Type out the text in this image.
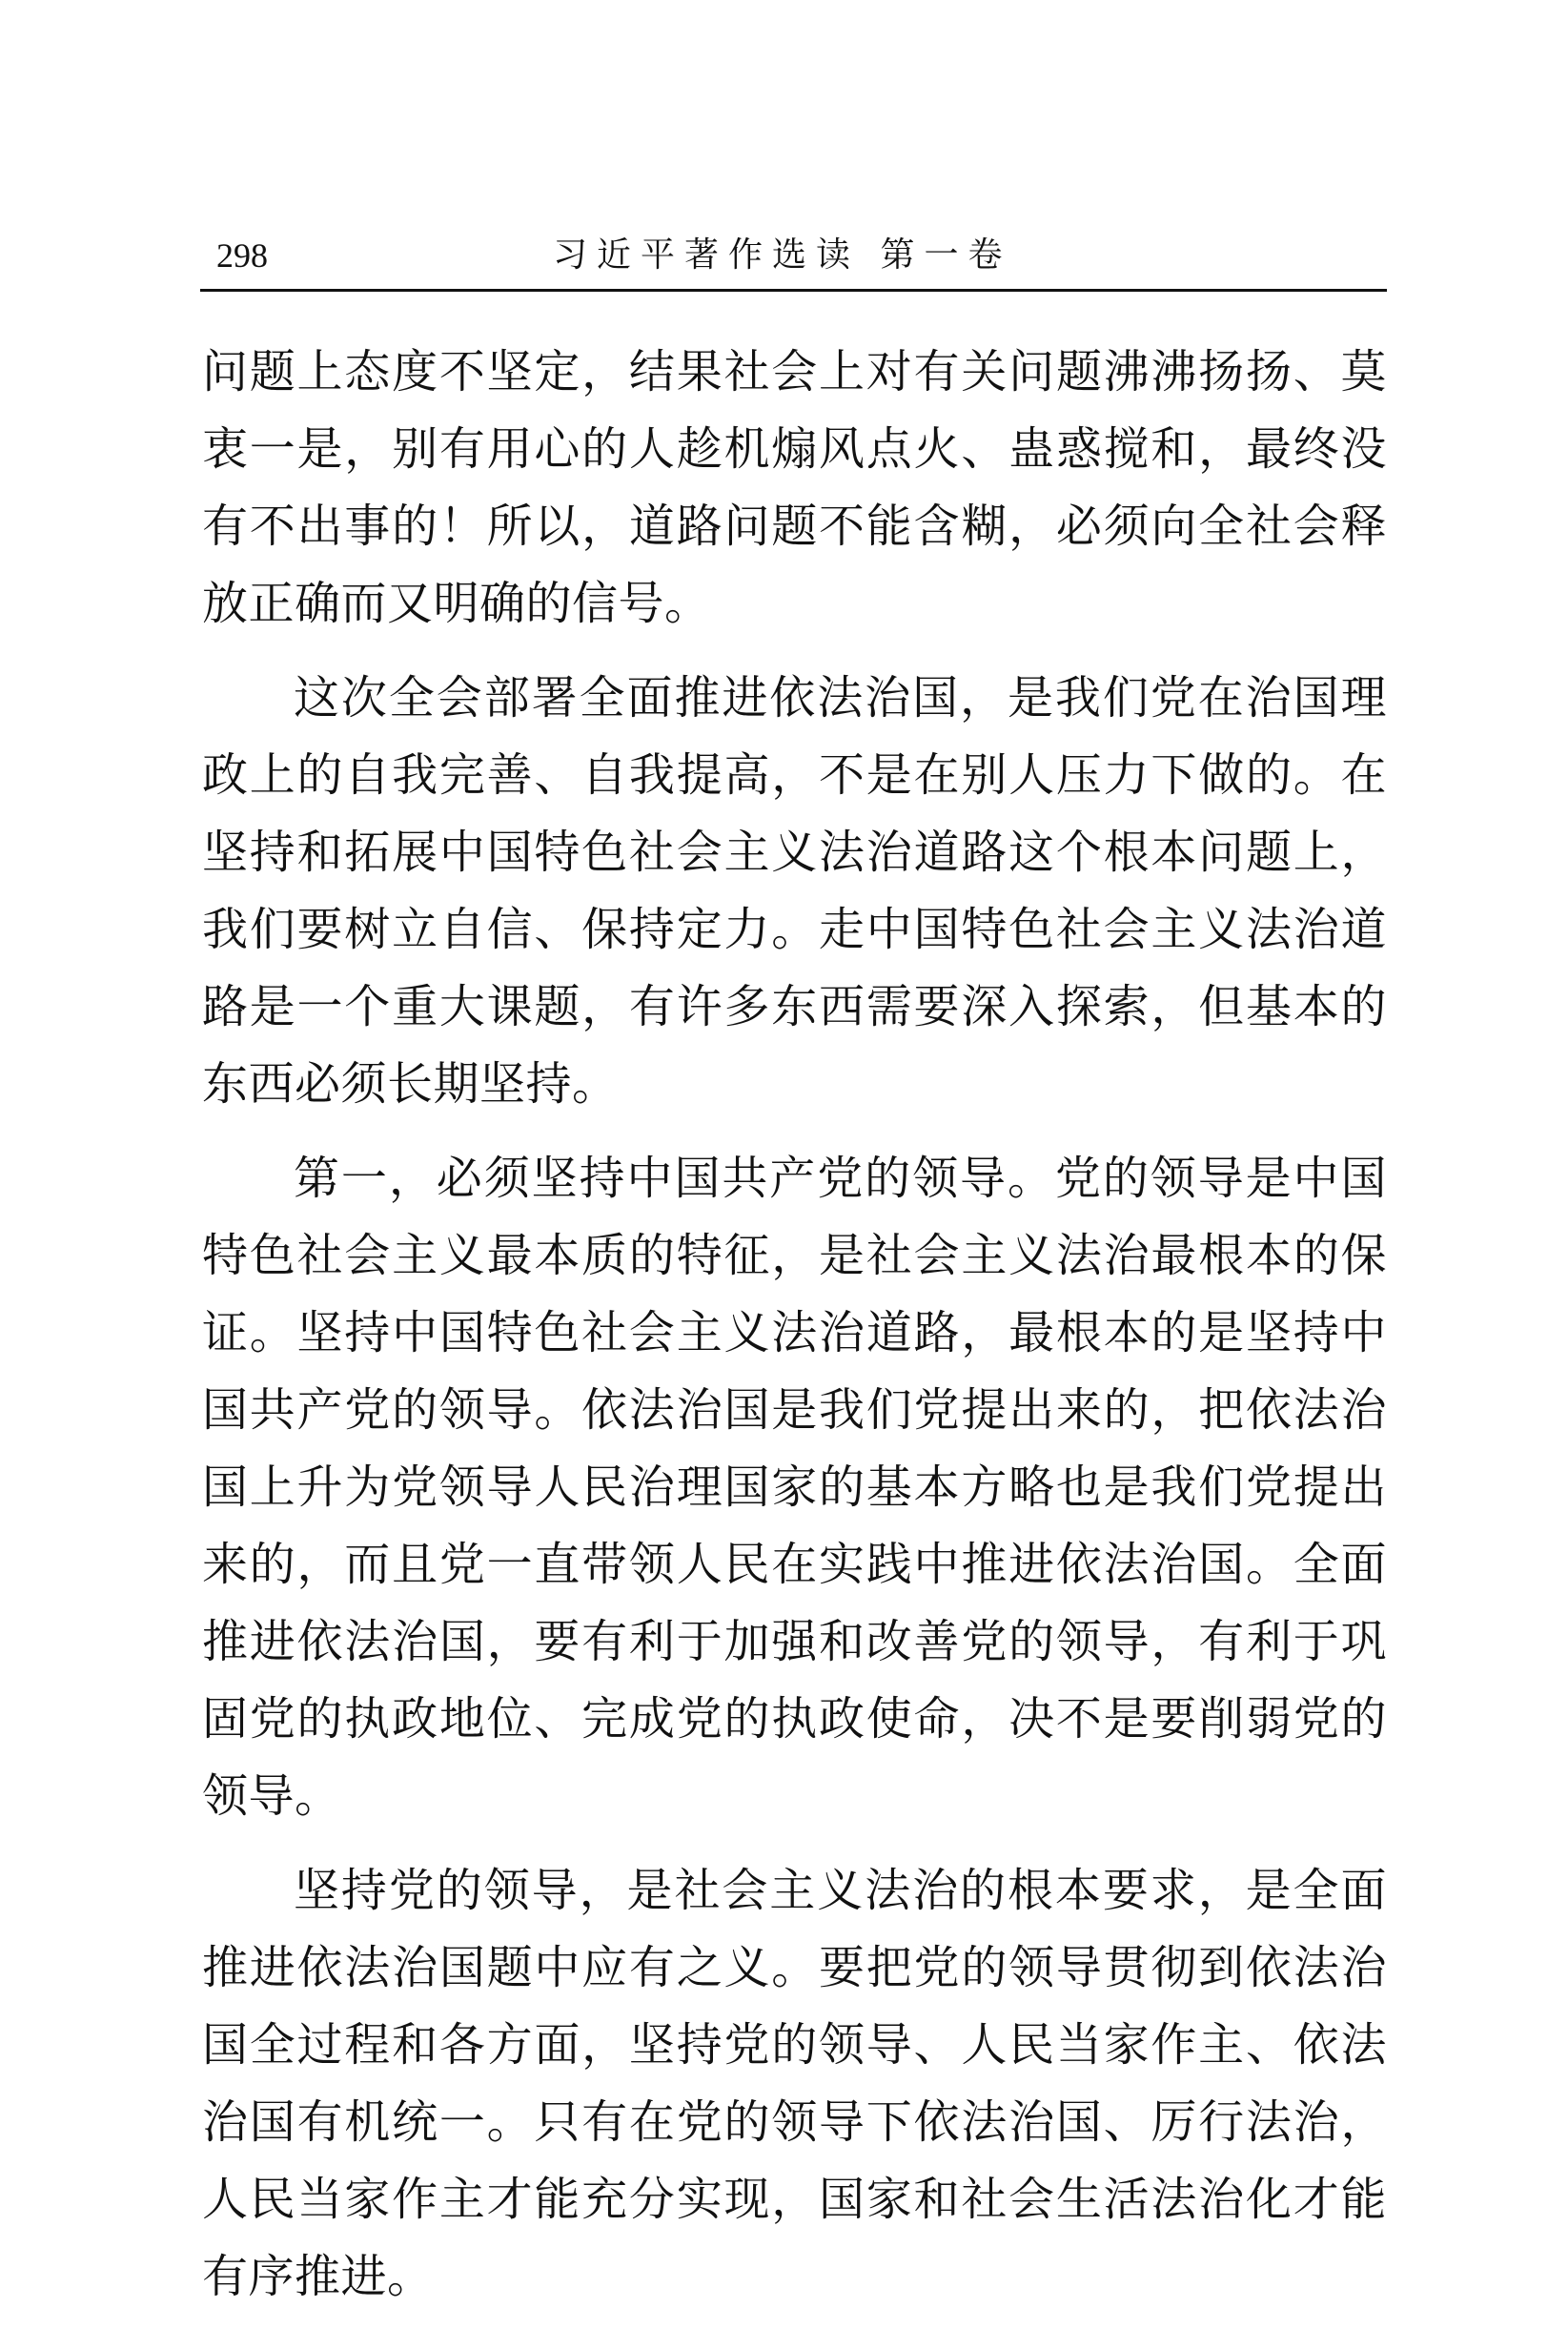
298	习近平著作选读 第一卷

问题上态度不坚定，结果社会上对有关问题沸沸扬扬、莫衷一是，别有用心的人趁机煽风点火、蛊惑搅和，最终没有不出事的！所以，道路问题不能含糊，必须向全社会释放正确而又明确的信号。

这次全会部署全面推进依法治国，是我们党在治国理政上的自我完善、自我提高，不是在别人压力下做的。在坚持和拓展中国特色社会主义法治道路这个根本问题上，我们要树立自信、保持定力。走中国特色社会主义法治道路是一个重大课题，有许多东西需要深入探索，但基本的东西必须长期坚持。

第一，必须坚持中国共产党的领导。党的领导是中国特色社会主义最本质的特征，是社会主义法治最根本的保证。坚持中国特色社会主义法治道路，最根本的是坚持中国共产党的领导。依法治国是我们党提出来的，把依法治国上升为党领导人民治理国家的基本方略也是我们党提出来的，而且党一直带领人民在实践中推进依法治国。全面推进依法治国，要有利于加强和改善党的领导，有利于巩固党的执政地位、完成党的执政使命，决不是要削弱党的领导。

坚持党的领导，是社会主义法治的根本要求，是全面推进依法治国题中应有之义。要把党的领导贯彻到依法治国全过程和各方面，坚持党的领导、人民当家作主、依法治国有机统一。只有在党的领导下依法治国、厉行法治，人民当家作主才能充分实现，国家和社会生活法治化才能有序推进。
